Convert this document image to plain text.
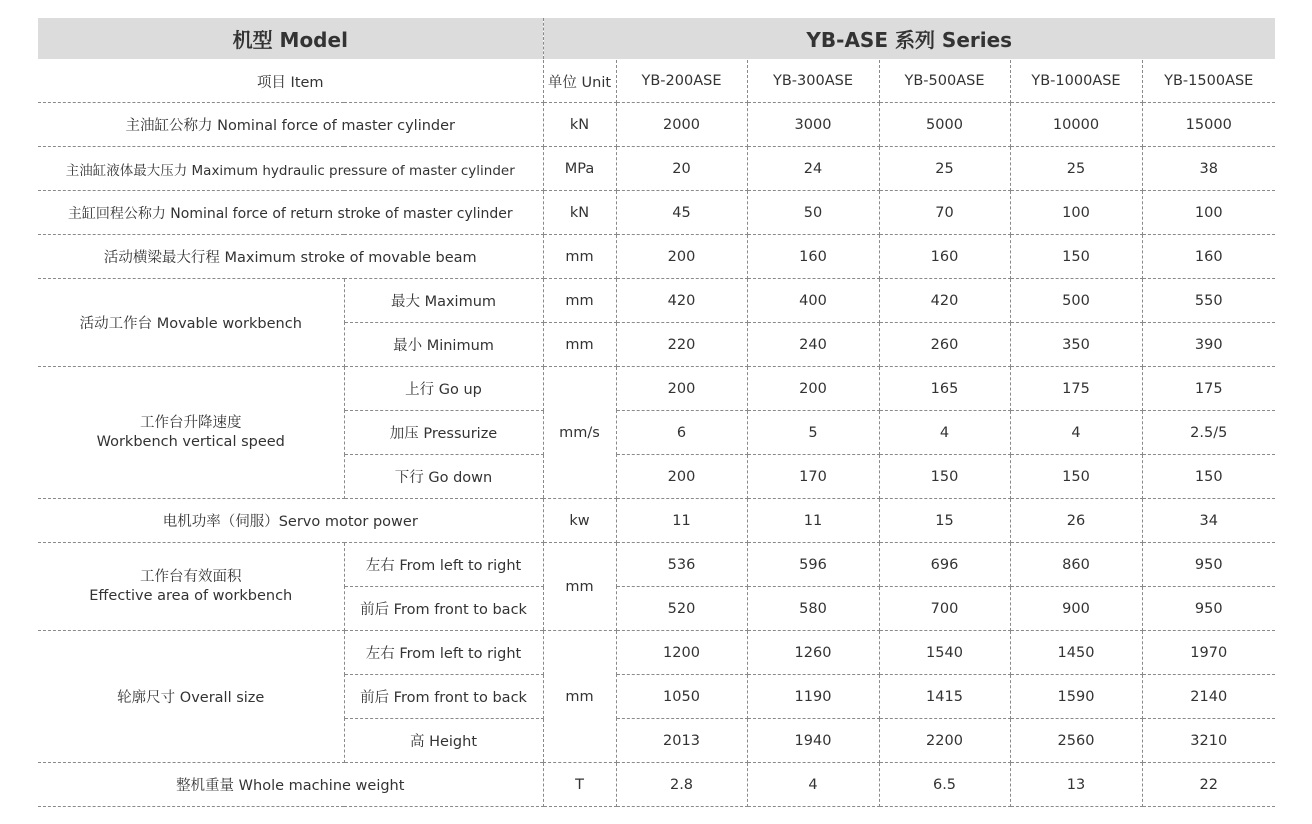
机型 Model		YB-ASE 系列 Series					
项目 Item		单位 Unit	YB-200ASE	YB-300ASE	YB-500ASE	YB-1000ASE	YB-1500ASE
主油缸公称力 Nominal force of master cylinder		kN	2000	3000	5000	10000	15000
主油缸液体最大压力 Maximum hydraulic pressure of master cylinder		MPa	20	24	25	25	38
主缸回程公称力 Nominal force of return stroke of master cylinder		kN	45	50	70	100	100
活动横梁最大行程 Maximum stroke of movable beam		mm	200	160	160	150	160
活动工作台 Movable workbench	最大 Maximum	mm	420	400	420	500	550
	最小 Minimum	mm	220	240	260	350	390
工作台升降速度
Workbench vertical speed	上行 Go up	mm/s	200	200	165	175	175
	加压 Pressurize		6	5	4	4	2.5/5
	下行 Go down		200	170	150	150	150
电机功率（伺服）Servo motor power		kw	11	11	15	26	34
工作台有效面积
Effective area of workbench	左右 From left to right	mm	536	596	696	860	950
	前后 From front to back		520	580	700	900	950
轮廓尺寸 Overall size	左右 From left to right	mm	1200	1260	1540	1450	1970
	前后 From front to back		1050	1190	1415	1590	2140
	高 Height		2013	1940	2200	2560	3210
整机重量 Whole machine weight		T	2.8	4	6.5	13	22
